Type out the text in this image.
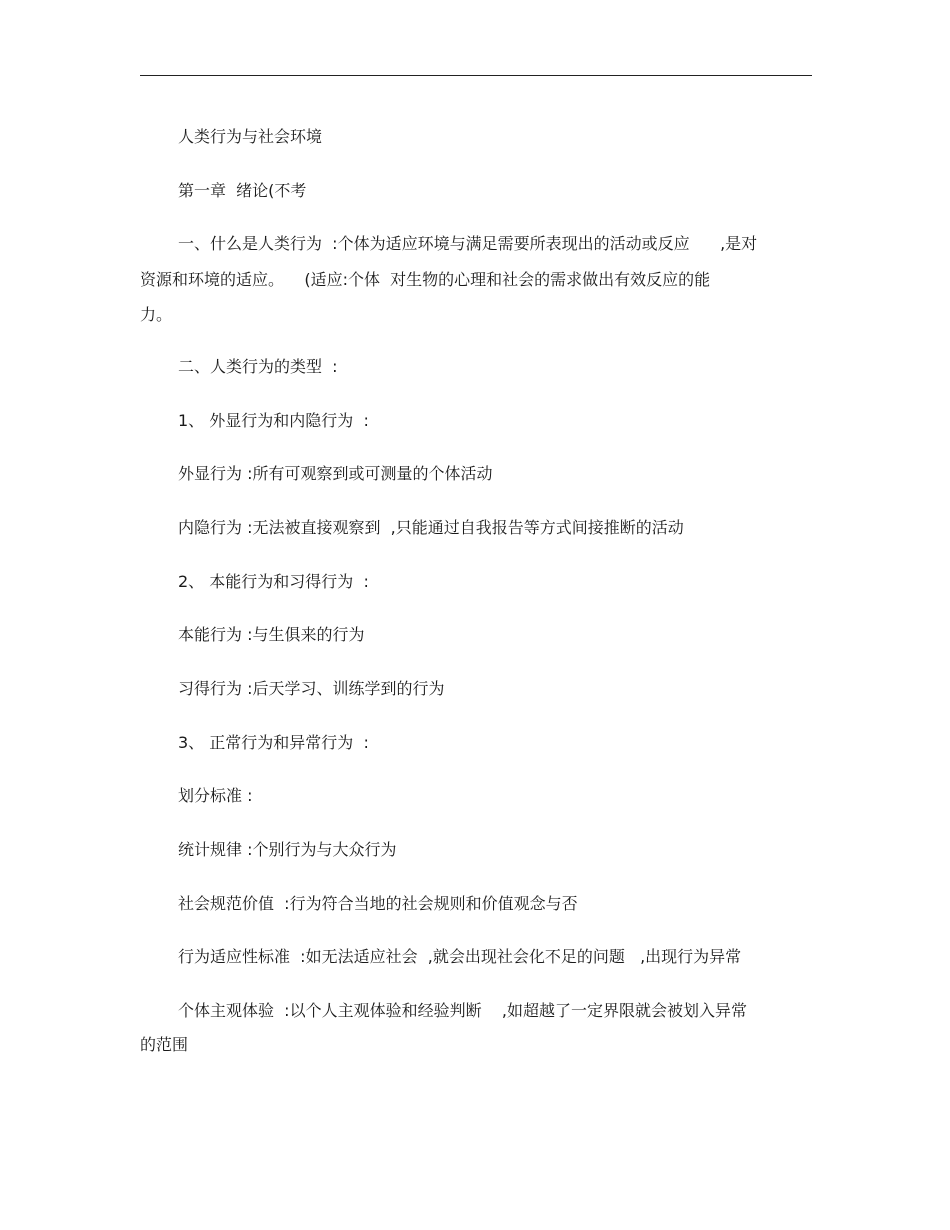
人类行为与社会环境
第一章  绪论(不考
一、什么是人类行为  :个体为适应环境与满足需要所表现出的活动或反应      ,是对
资源和环境的适应。    (适应:个体  对生物的心理和社会的需求做出有效反应的能
力。
二、人类行为的类型  :
1、 外显行为和内隐行为  :
外显行为 :所有可观察到或可测量的个体活动
内隐行为 :无法被直接观察到  ,只能通过自我报告等方式间接推断的活动
2、 本能行为和习得行为  :
本能行为 :与生俱来的行为
习得行为 :后天学习、训练学到的行为
3、 正常行为和异常行为  :
划分标准 :
统计规律 :个别行为与大众行为
社会规范价值  :行为符合当地的社会规则和价值观念与否
行为适应性标准  :如无法适应社会  ,就会出现社会化不足的问题   ,出现行为异常
个体主观体验  :以个人主观体验和经验判断    ,如超越了一定界限就会被划入异常
的范围
